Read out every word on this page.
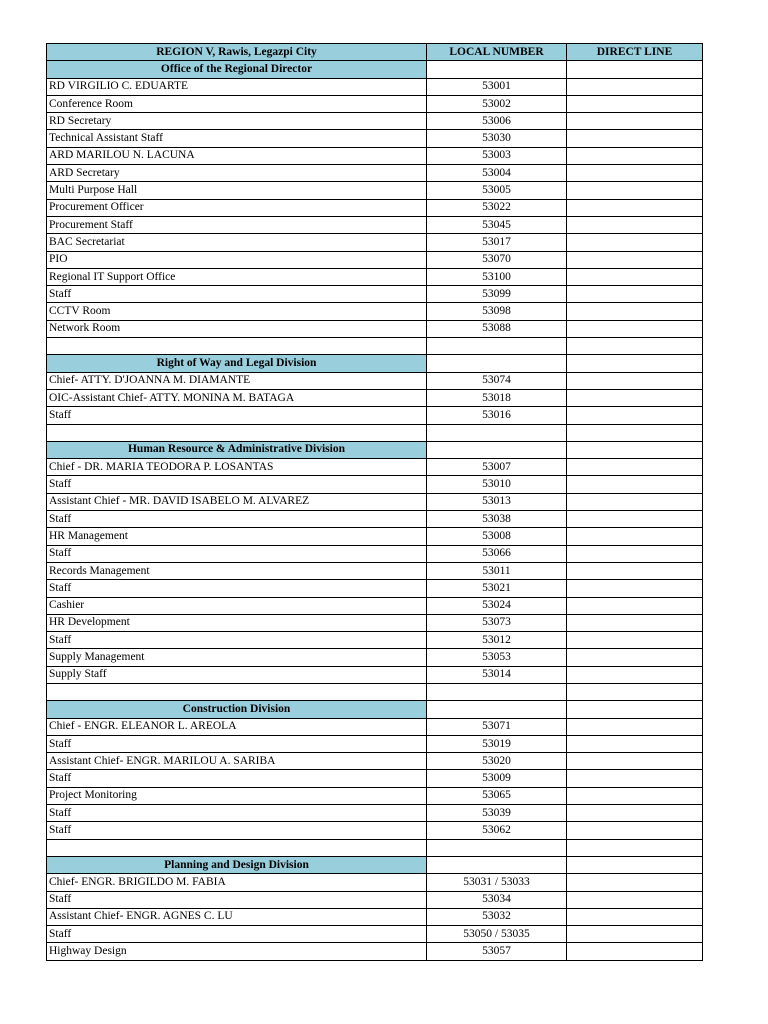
REGION V, Rawis, Legazpi City	LOCAL NUMBER	DIRECT LINE
Office of the Regional Director		
RD VIRGILIO C. EDUARTE	53001	
Conference Room	53002	
RD Secretary	53006	
Technical Assistant Staff	53030	
ARD MARILOU N. LACUNA	53003	
ARD Secretary	53004	
Multi Purpose Hall	53005	
Procurement Officer	53022	
Procurement Staff	53045	
BAC Secretariat	53017	
PIO	53070	
Regional IT Support Office	53100	
Staff	53099	
CCTV Room	53098	
Network Room	53088	

Right of Way and Legal Division		
Chief- ATTY. D'JOANNA M. DIAMANTE	53074	
OIC-Assistant Chief- ATTY. MONINA M. BATAGA	53018	
Staff	53016	

Human Resource & Administrative Division		
Chief - DR. MARIA TEODORA P. LOSANTAS	53007	
Staff	53010	
Assistant Chief - MR. DAVID ISABELO M. ALVAREZ	53013	
Staff	53038	
HR Management	53008	
Staff	53066	
Records Management	53011	
Staff	53021	
Cashier	53024	
HR Development	53073	
Staff	53012	
Supply Management	53053	
Supply Staff	53014	

Construction Division		
Chief - ENGR. ELEANOR L. AREOLA	53071	
Staff	53019	
Assistant Chief- ENGR. MARILOU A. SARIBA	53020	
Staff	53009	
Project Monitoring	53065	
Staff	53039	
Staff	53062	

Planning and Design Division		
Chief- ENGR. BRIGILDO M. FABIA	53031 / 53033	
Staff	53034	
Assistant Chief- ENGR. AGNES C. LU	53032	
Staff	53050 / 53035	
Highway Design	53057	
